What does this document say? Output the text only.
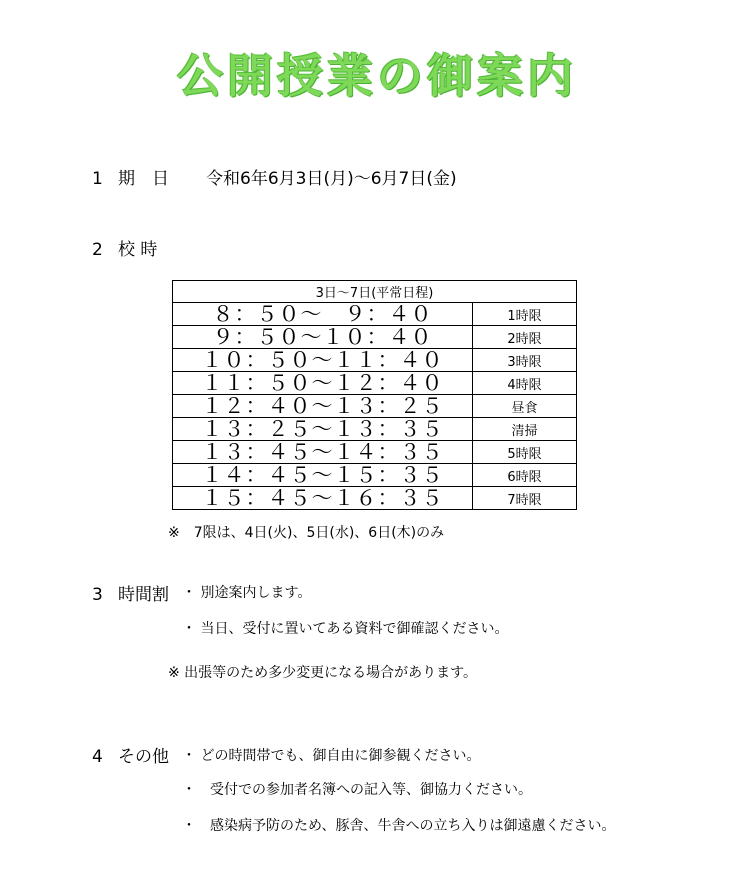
公開授業の御案内
1 期　日 令和6年6月3日(月)～6月7日(金)
2 校 時
3日～7日(平常日程)	
８：５０～　９：４０	1時限
９：５０～１０：４０	2時限
１０：５０～１１：４０	3時限
１１：５０～１２：４０	4時限
１２：４０～１３：２５	昼食
１３：２５～１３：３５	清掃
１３：４５～１４：３５	5時限
１４：４５～１５：３５	6時限
１５：４５～１６：３５	7時限
※　7限は、4日(火)、5日(水)、6日(木)のみ
3 時間割 ・ 別途案内します。
・ 当日、受付に置いてある資料で御確認ください。
※ 出張等のため多少変更になる場合があります。
4 その他 ・ どの時間帯でも、御自由に御参観ください。
・　受付での参加者名簿への記入等、御協力ください。
・　感染病予防のため、豚舎、牛舎への立ち入りは御遠慮ください。
